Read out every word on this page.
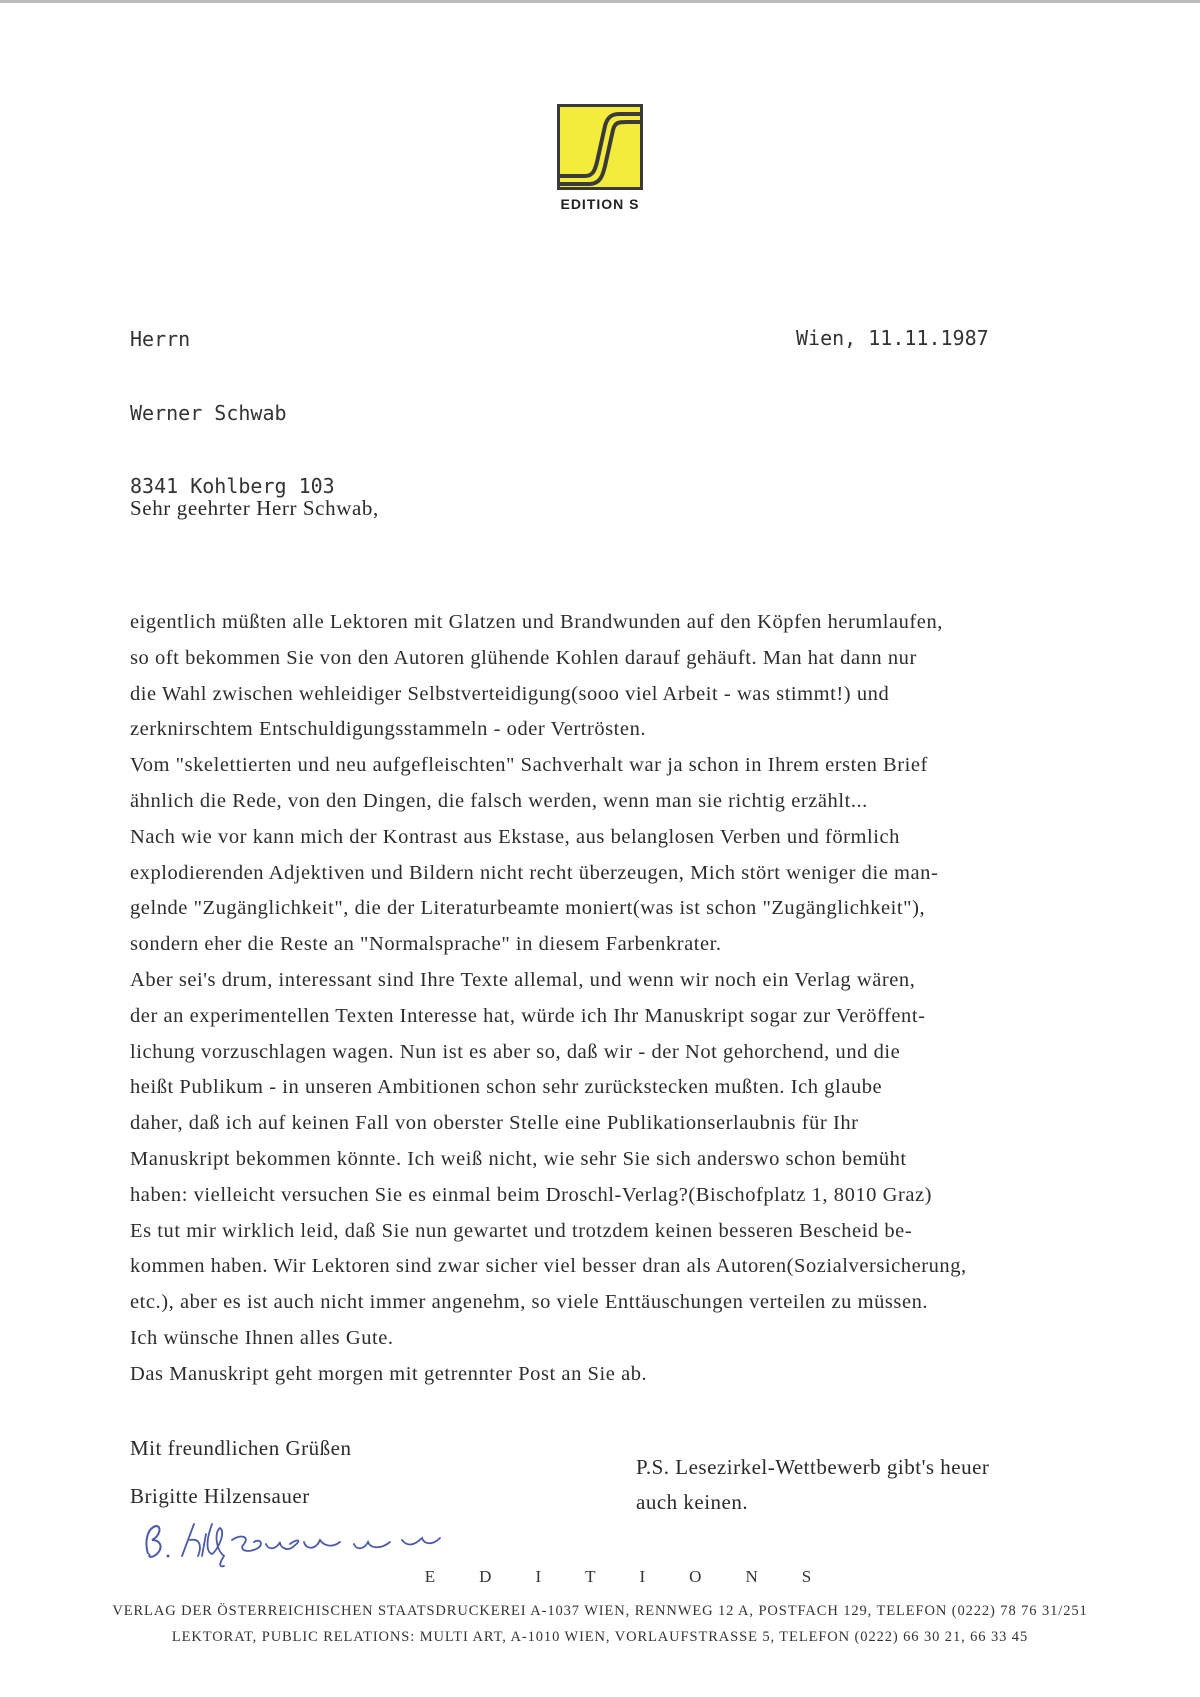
EDITION S

Herrn

Werner Schwab

8341 Kohlberg 103

Wien, 11.11.1987
Sehr geehrter Herr Schwab,

eigentlich müßten alle Lektoren mit Glatzen und Brandwunden auf den Köpfen herumlaufen,

so oft bekommen Sie von den Autoren glühende Kohlen darauf gehäuft. Man hat dann nur

die Wahl zwischen wehleidiger Selbstverteidigung(sooo viel Arbeit - was stimmt!) und

zerknirschtem Entschuldigungsstammeln - oder Vertrösten.

Vom "skelettierten und neu aufgefleischten" Sachverhalt war ja schon in Ihrem ersten Brief

ähnlich die Rede, von den Dingen, die falsch werden, wenn man sie richtig erzählt...

Nach wie vor kann mich der Kontrast aus Ekstase, aus belanglosen Verben und förmlich

explodierenden Adjektiven und Bildern nicht recht überzeugen, Mich stört weniger die man-

gelnde "Zugänglichkeit", die der Literaturbeamte moniert(was ist schon "Zugänglichkeit"),

sondern eher die Reste an "Normalsprache" in diesem Farbenkrater.

Aber sei's drum, interessant sind Ihre Texte allemal, und wenn wir noch ein Verlag wären,

der an experimentellen Texten Interesse hat, würde ich Ihr Manuskript sogar zur Veröffent-

lichung vorzuschlagen wagen. Nun ist es aber so, daß wir - der Not gehorchend, und die

heißt Publikum - in unseren Ambitionen schon sehr zurückstecken mußten. Ich glaube

daher, daß ich auf keinen Fall von oberster Stelle eine Publikationserlaubnis für Ihr

Manuskript bekommen könnte. Ich weiß nicht, wie sehr Sie sich anderswo schon bemüht

haben: vielleicht versuchen Sie es einmal beim Droschl-Verlag?(Bischofplatz 1, 8010 Graz)

Es tut mir wirklich leid, daß Sie nun gewartet und trotzdem keinen besseren Bescheid be-

kommen haben. Wir Lektoren sind zwar sicher viel besser dran als Autoren(Sozialversicherung,

etc.), aber es ist auch nicht immer angenehm, so viele Enttäuschungen verteilen zu müssen.

Ich wünsche Ihnen alles Gute.

Das Manuskript geht morgen mit getrennter Post an Sie ab.

Mit freundlichen Grüßen
Brigitte Hilzensauer
P.S. Lesezirkel-Wettbewerb gibt's heuer
auch keinen.
EDITIONS
VERLAG DER ÖSTERREICHISCHEN STAATSDRUCKEREI A-1037 WIEN, RENNWEG 12 A, POSTFACH 129, TELEFON (0222) 78 76 31/251
LEKTORAT, PUBLIC RELATIONS: MULTI ART, A-1010 WIEN, VORLAUFSTRASSE 5, TELEFON (0222) 66 30 21, 66 33 45
